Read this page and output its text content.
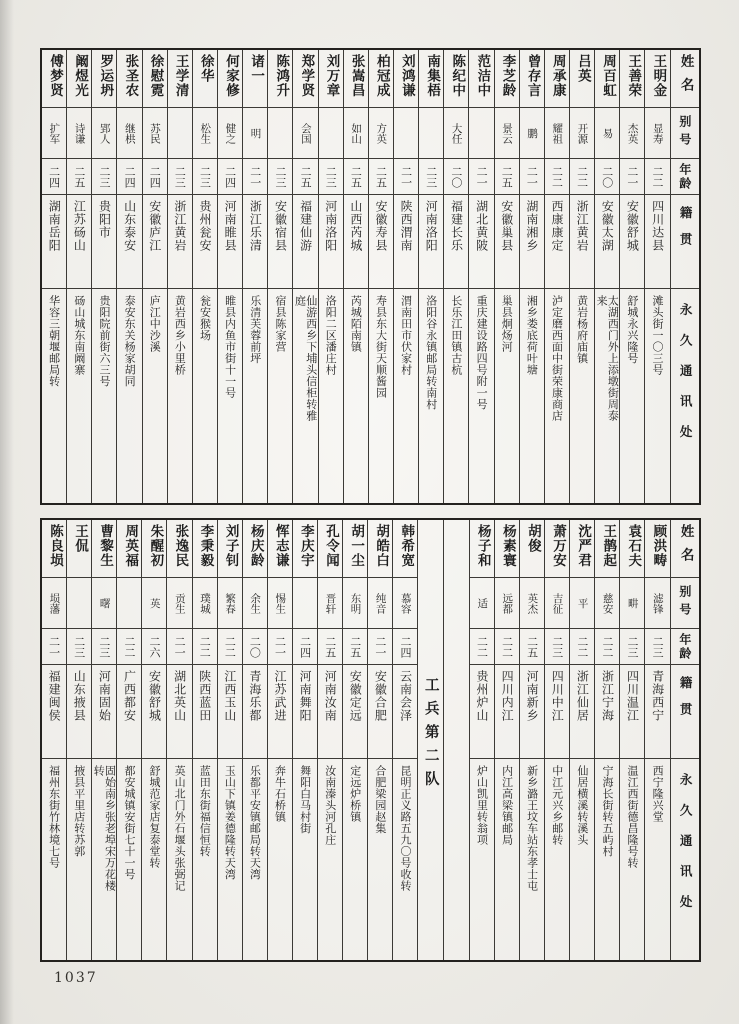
姓名
别号
年龄
籍贯
永久通讯处
王明金
显寿
二二
四川达县
滩头街一〇三号
王善荣
杰英
二一
安徽舒城
舒城永兴隆号
周百虹
易
二〇
安徽太湖
太湖西门外上添墩街周泰来
吕英
开源
二二
浙江黄岩
黄岩杨府庙镇
周承康
耀祖
二二
西康康定
泸定磨西面中街荣康商店
曾存言
鹏
二一
湖南湘乡
湘乡娄底荷叶塘
李芝龄
景云
二五
安徽巢县
巢县炯炀河
范洁中
二一
湖北黄陂
重庆建设路四号附一号
陈纪中
大任
二〇
福建长乐
长乐江田镇古杭
南集梧
二三
河南洛阳
洛阳谷永镇邮局转南村
刘鸿谦
二一
陕西渭南
渭南田市伏家村
柏冠成
方英
二五
安徽寿县
寿县东大街天顺酱园
张嵩昌
如山
二五
山西芮城
芮城陌南镇
刘万章
二三
河南洛阳
洛阳二区潘庄村
郑学贤
会国
二五
福建仙游
仙游西乡下埔头信柜转雅庭
陈鸿升
二三
安徽宿县
宿县陈家营
诸一
明
二一
浙江乐清
乐清芙蓉前坪
何家修
健之
二四
河南睢县
睢县内鱼市街十一号
徐华
松生
二三
贵州瓮安
瓮安猴场
王学清
二三
浙江黄岩
黄岩西乡小里桥
徐慰霓
苏民
二四
安徽庐江
庐江中沙溪
张圣农
继栱
二四
山东泰安
泰安东关杨家胡同
罗运坍
郢人
二三
贵阳市
贵阳院前街六三号
阚煜光
诗谦
二五
江苏砀山
砀山城东南阚寨
傅梦贤
扩军
二四
湖南岳阳
华容三朝堰邮局转
姓名
别号
年龄
籍贯
永久通讯处
顾洪畴
滤锋
二三
青海西宁
西宁隆兴堂
袁石夫
畊
二三
四川温江
温江西街德昌隆号转
王鹊起
慈安
二二
浙江宁海
宁海长街转五屿村
沈严君
平
二二
浙江仙居
仙居横溪转溪头
萧万安
吉征
二三
四川中江
中江元兴乡邮转
胡俊
英杰
二五
河南新乡
新乡潞王坟车站东孝士屯
杨素寰
远都
二二
四川内江
内江高梁镇邮局
杨子和
适
二二
贵州炉山
炉山凯里转翁项
工兵第二队
韩希宽
慕容
二四
云南会泽
昆明正义路五九〇号收转
胡皓白
纯音
二一
安徽合肥
合肥梁园赵集
胡一尘
东明
二五
安徽定远
定远炉桥镇
孔令闻
晋轩
二五
河南汝南
汝南溱头河孔庄
李庆宇
二四
河南舞阳
舞阳白马村街
恽志谦
惕生
二一
江苏武进
奔牛石桥镇
杨庆龄
余生
二〇
青海乐都
乐都平安镇邮局转天湾
刘子钊
繁春
二二
江西玉山
玉山下镇姜德隆转天湾
李秉毅
璞城
二二
陕西蓝田
蓝田东街福信恒转
张逸民
贡生
二一
湖北英山
英山北门外石堰头张弼记
朱醒初
英
二六
安徽舒城
舒城范家店复泰堂转
周英福
二二
广西都安
都安城镇安街七十一号
曹黎生
曙
二三
河南固始
固始南乡张老埠宋万花楼转
王侃
二三
山东掖县
掖县平里店转苏郭
陈良埙
埙藩
二一
福建闽侯
福州东街竹林境七号
1037
